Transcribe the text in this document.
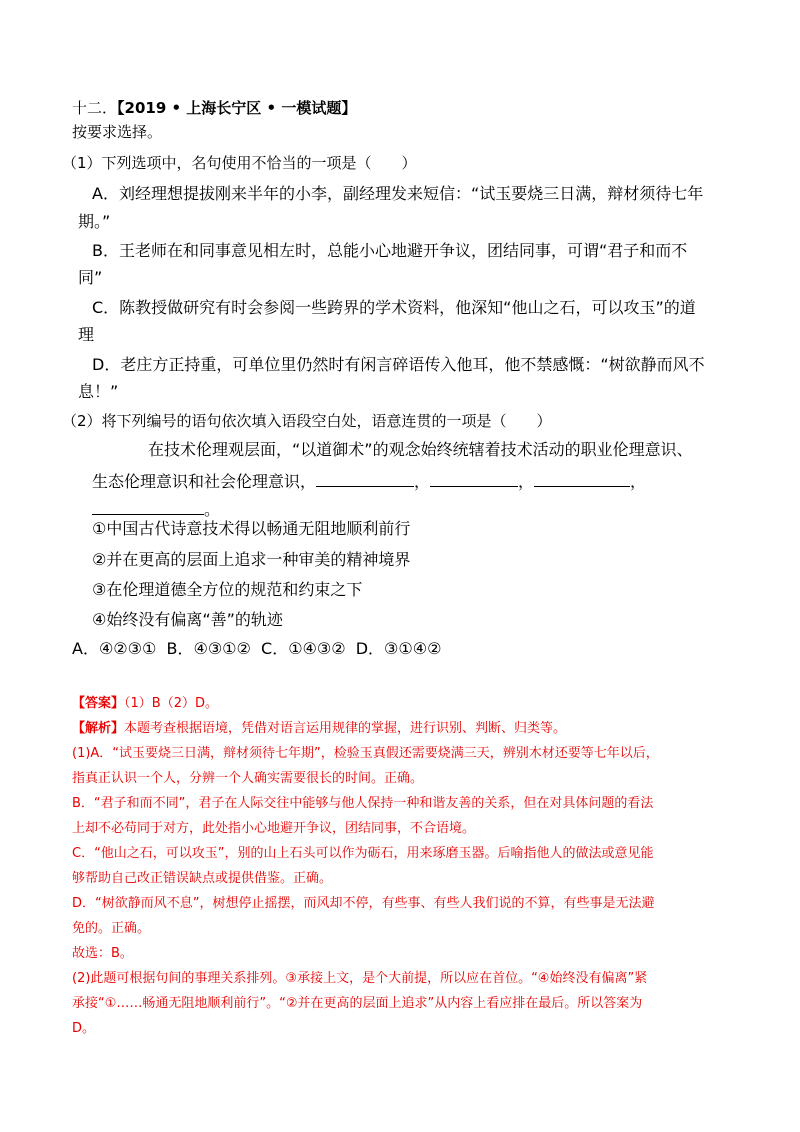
十二．【2019 • 上海长宁区 • 一模试题】
按要求选择。
（1）下列选项中，名句使用不恰当的一项是（　　）
A．刘经理想提拔刚来半年的小李，副经理发来短信：“试玉要烧三日满，辩材须待七年
期。”
B．王老师在和同事意见相左时，总能小心地避开争议，团结同事，可谓“君子和而不
同”
C．陈教授做研究有时会参阅一些跨界的学术资料，他深知“他山之石，可以攻玉”的道
理
D．老庄方正持重，可单位里仍然时有闲言碎语传入他耳，他不禁感慨：“树欲静而风不
息！”
（2）将下列编号的语句依次填入语段空白处，语意连贯的一项是（　　）
在技术伦理观层面，“以道御术”的观念始终统辖着技术活动的职业伦理意识、
生态伦理意识和社会伦理意识，	，	，	，
。
①中国古代诗意技术得以畅通无阻地顺利前行
②并在更高的层面上追求一种审美的精神境界
③在伦理道德全方位的规范和约束之下
④始终没有偏离“善”的轨迹
A．④②③①  B．④③①②  C．①④③②  D．③①④②
【答案】（1）B（2）D。
【解析】本题考查根据语境，凭借对语言运用规律的掌握，进行识别、判断、归类等。
(1)A．“试玉要烧三日满，辩材须待七年期”，检验玉真假还需要烧满三天，辨别木材还要等七年以后，
指真正认识一个人，分辨一个人确实需要很长的时间。正确。
B．“君子和而不同”，君子在人际交往中能够与他人保持一种和谐友善的关系，但在对具体问题的看法
上却不必苟同于对方，此处指小心地避开争议，团结同事，不合语境。
C．“他山之石，可以攻玉”，别的山上石头可以作为砺石，用来琢磨玉器。后喻指他人的做法或意见能
够帮助自己改正错误缺点或提供借鉴。正确。
D．“树欲静而风不息”，树想停止摇摆，而风却不停，有些事、有些人我们说的不算，有些事是无法避
免的。正确。
故选：B。
(2)此题可根据句间的事理关系排列。③承接上文，是个大前提，所以应在首位。“④始终没有偏离”紧
承接“①……畅通无阻地顺利前行”。“②并在更高的层面上追求”从内容上看应排在最后。所以答案为
D。
